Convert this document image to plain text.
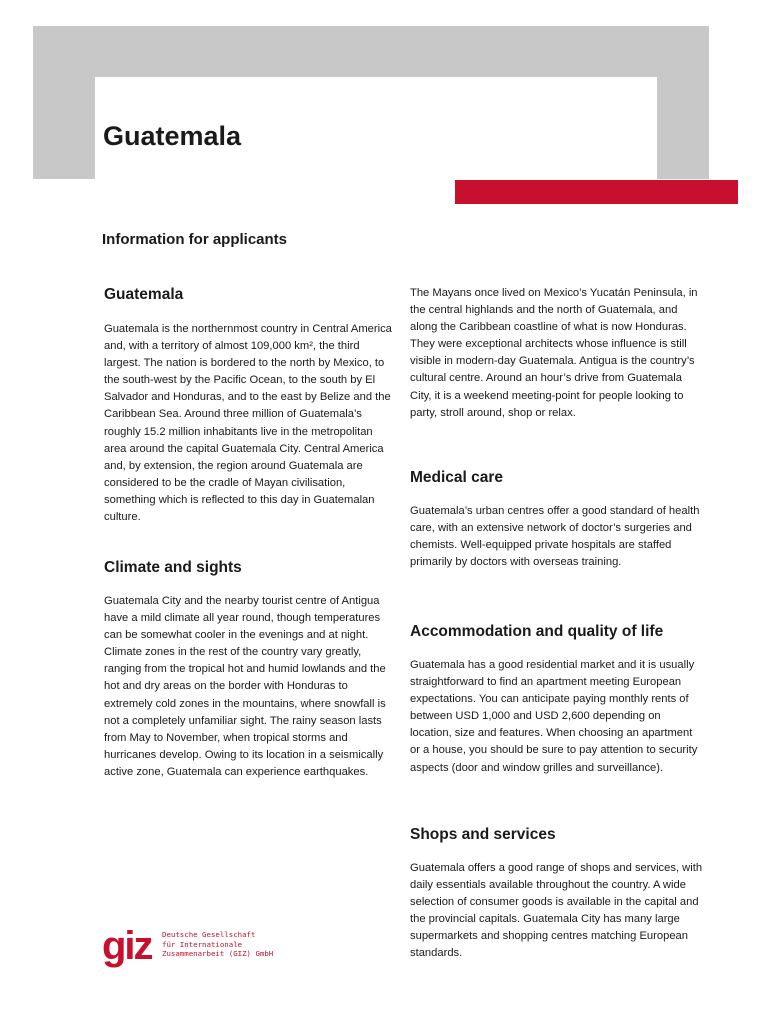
Guatemala
Information for applicants
Guatemala

Guatemala is the northernmost country in Central America and, with a territory of almost 109,000 km², the third largest. The nation is bordered to the north by Mexico, to the south-west by the Pacific Ocean, to the south by El Salvador and Honduras, and to the east by Belize and the Caribbean Sea. Around three million of Guatemala’s roughly 15.2 million inhabitants live in the metropolitan area around the capital Guatemala City. Central America and, by extension, the region around Guatemala are considered to be the cradle of Mayan civilisation, something which is reflected to this day in Guatemalan culture.

Climate and sights

Guatemala City and the nearby tourist centre of Antigua have a mild climate all year round, though temperatures can be somewhat cooler in the evenings and at night. Climate zones in the rest of the country vary greatly, ranging from the tropical hot and humid lowlands and the hot and dry areas on the border with Honduras to extremely cold zones in the mountains, where snowfall is not a completely unfamiliar sight. The rainy season lasts from May to November, when tropical storms and hurricanes develop. Owing to its location in a seismically active zone, Guatemala can experience earthquakes.

The Mayans once lived on Mexico’s Yucatán Peninsula, in the central highlands and the north of Guatemala, and along the Caribbean coastline of what is now Honduras. They were exceptional architects whose influence is still visible in modern-day Guatemala. Antigua is the country’s cultural centre. Around an hour’s drive from Guatemala City, it is a weekend meeting-point for people looking to party, stroll around, shop or relax.

Medical care

Guatemala’s urban centres offer a good standard of health care, with an extensive network of doctor’s surgeries and chemists. Well-equipped private hospitals are staffed primarily by doctors with overseas training.

Accommodation and quality of life

Guatemala has a good residential market and it is usually straightforward to find an apartment meeting European expectations. You can anticipate paying monthly rents of between USD 1,000 and USD 2,600 depending on location, size and features. When choosing an apartment or a house, you should be sure to pay attention to security aspects (door and window grilles and surveillance).

Shops and services

Guatemala offers a good range of shops and services, with daily essentials available throughout the country. A wide selection of consumer goods is available in the capital and the provincial capitals. Guatemala City has many large supermarkets and shopping centres matching European standards.

giz Deutsche Gesellschaft
für Internationale
Zusammenarbeit (GIZ) GmbH
